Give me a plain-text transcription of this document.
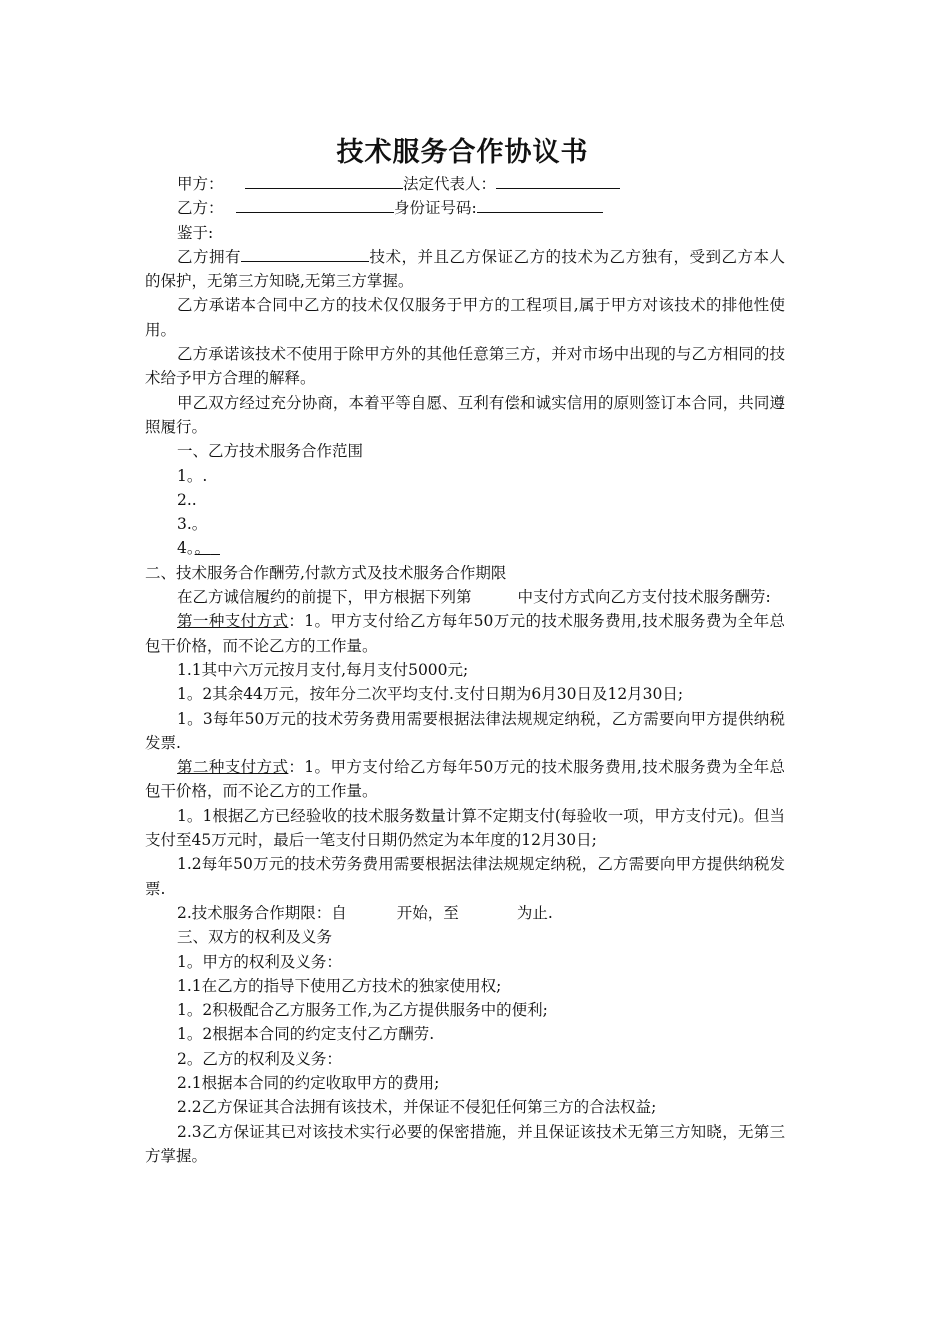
技术服务合作协议书

甲方：	法定代表人：

乙方：	身份证号码:

鉴于:

乙方拥有	技术，并且乙方保证乙方的技术为乙方独有，受到乙方本人的保护，无第三方知晓,无第三方掌握。

乙方承诺本合同中乙方的技术仅仅服务于甲方的工程项目,属于甲方对该技术的排他性使用。

乙方承诺该技术不使用于除甲方外的其他任意第三方，并对市场中出现的与乙方相同的技术给予甲方合理的解释。

甲乙双方经过充分协商，本着平等自愿、互利有偿和诚实信用的原则签订本合同，共同遵照履行。

一、乙方技术服务合作范围

1。.

2..

3.。

4。。

二、技术服务合作酬劳,付款方式及技术服务合作期限

在乙方诚信履约的前提下，甲方根据下列第	中支付方式向乙方支付技术服务酬劳:

第一种支付方式：1。甲方支付给乙方每年50万元的技术服务费用,技术服务费为全年总包干价格，而不论乙方的工作量。

1.1其中六万元按月支付,每月支付5000元;

1。2其余44万元，按年分二次平均支付.支付日期为6月30日及12月30日;

1。3每年50万元的技术劳务费用需要根据法律法规规定纳税，乙方需要向甲方提供纳税发票.

第二种支付方式：1。甲方支付给乙方每年50万元的技术服务费用,技术服务费为全年总包干价格，而不论乙方的工作量。

1。1根据乙方已经验收的技术服务数量计算不定期支付(每验收一项，甲方支付元)。但当支付至45万元时，最后一笔支付日期仍然定为本年度的12月30日;

1.2每年50万元的技术劳务费用需要根据法律法规规定纳税，乙方需要向甲方提供纳税发票.

2.技术服务合作期限：自	开始，至	为止.

三、双方的权利及义务

1。甲方的权利及义务：

1.1在乙方的指导下使用乙方技术的独家使用权;

1。2积极配合乙方服务工作,为乙方提供服务中的便利;

1。2根据本合同的约定支付乙方酬劳.

2。乙方的权利及义务：

2.1根据本合同的约定收取甲方的费用;

2.2乙方保证其合法拥有该技术，并保证不侵犯任何第三方的合法权益;

2.3乙方保证其已对该技术实行必要的保密措施，并且保证该技术无第三方知晓，无第三方掌握。
